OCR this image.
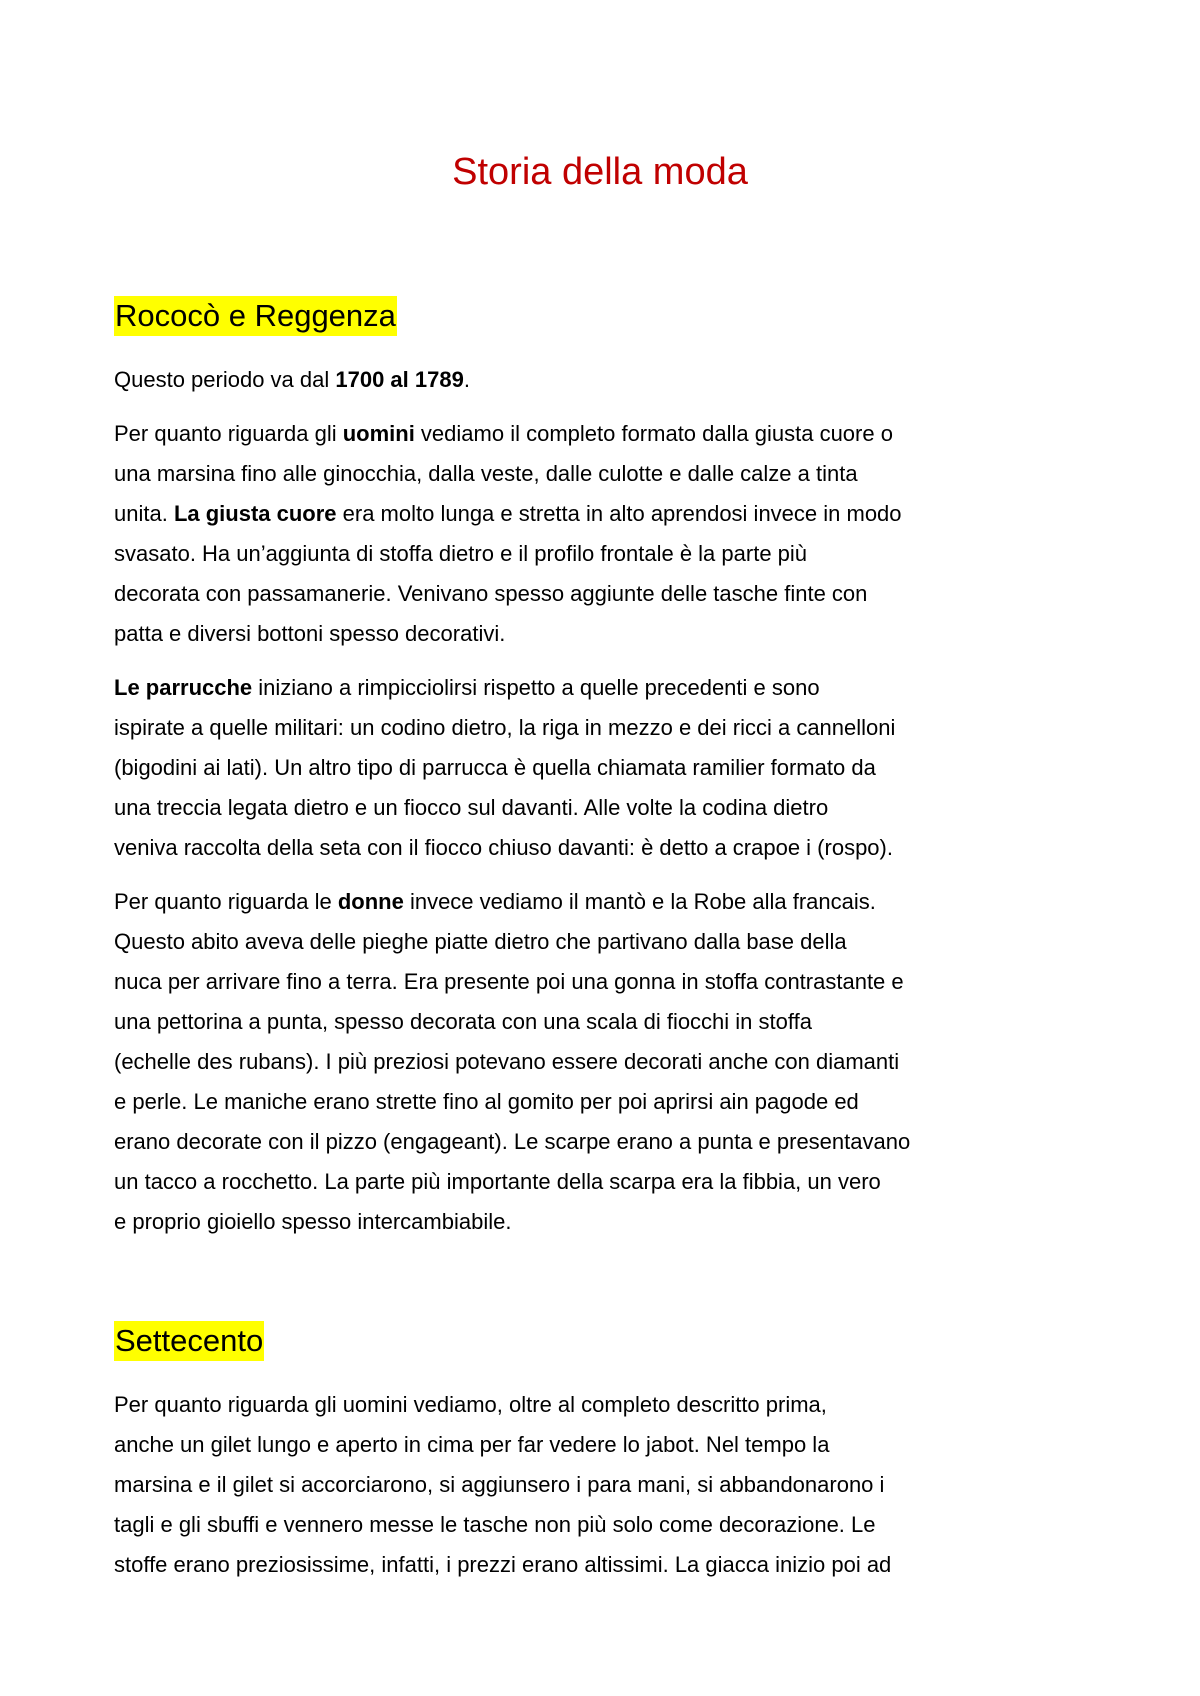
Storia della moda
Rococò e Reggenza

Questo periodo va dal 1700 al 1789.

Per quanto riguarda gli uomini vediamo il completo formato dalla giusta cuore o
una marsina fino alle ginocchia, dalla veste, dalle culotte e dalle calze a tinta
unita. La giusta cuore era molto lunga e stretta in alto aprendosi invece in modo
svasato. Ha un’aggiunta di stoffa dietro e il profilo frontale è la parte più
decorata con passamanerie. Venivano spesso aggiunte delle tasche finte con
patta e diversi bottoni spesso decorativi.

Le parrucche iniziano a rimpicciolirsi rispetto a quelle precedenti e sono
ispirate a quelle militari: un codino dietro, la riga in mezzo e dei ricci a cannelloni
(bigodini ai lati). Un altro tipo di parrucca è quella chiamata ramilier formato da
una treccia legata dietro e un fiocco sul davanti. Alle volte la codina dietro
veniva raccolta della seta con il fiocco chiuso davanti: è detto a crapoe i (rospo).

Per quanto riguarda le donne invece vediamo il mantò e la Robe alla francais.
Questo abito aveva delle pieghe piatte dietro che partivano dalla base della
nuca per arrivare fino a terra. Era presente poi una gonna in stoffa contrastante e
una pettorina a punta, spesso decorata con una scala di fiocchi in stoffa
(echelle des rubans). I più preziosi potevano essere decorati anche con diamanti
e perle. Le maniche erano strette fino al gomito per poi aprirsi ain pagode ed
erano decorate con il pizzo (engageant). Le scarpe erano a punta e presentavano
un tacco a rocchetto. La parte più importante della scarpa era la fibbia, un vero
e proprio gioiello spesso intercambiabile.

Settecento

Per quanto riguarda gli uomini vediamo, oltre al completo descritto prima,
anche un gilet lungo e aperto in cima per far vedere lo jabot. Nel tempo la
marsina e il gilet si accorciarono, si aggiunsero i para mani, si abbandonarono i
tagli e gli sbuffi e vennero messe le tasche non più solo come decorazione. Le
stoffe erano preziosissime, infatti, i prezzi erano altissimi. La giacca inizio poi ad
